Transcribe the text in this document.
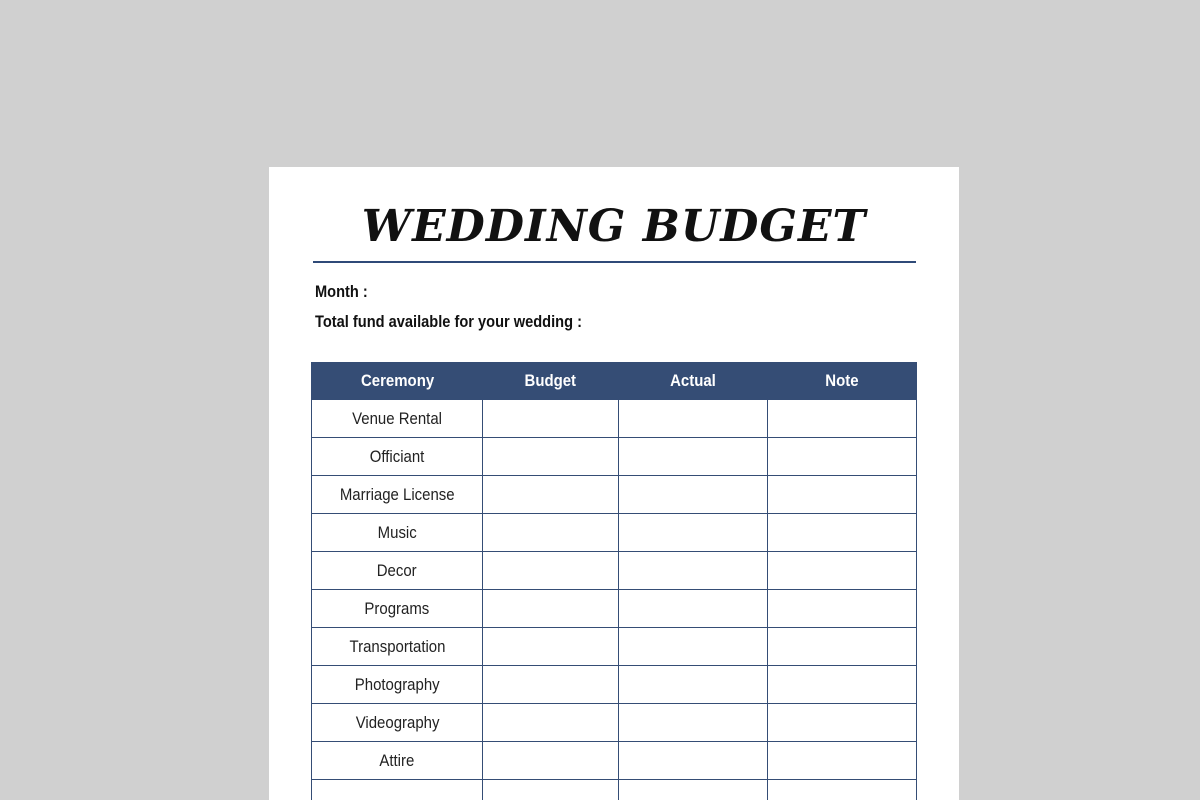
WEDDING BUDGET
Month :
Total fund available for your wedding :
Ceremony	Budget	Actual	Note
Venue Rental			
Officiant			
Marriage License			
Music			
Decor			
Programs			
Transportation			
Photography			
Videography			
Attire			
